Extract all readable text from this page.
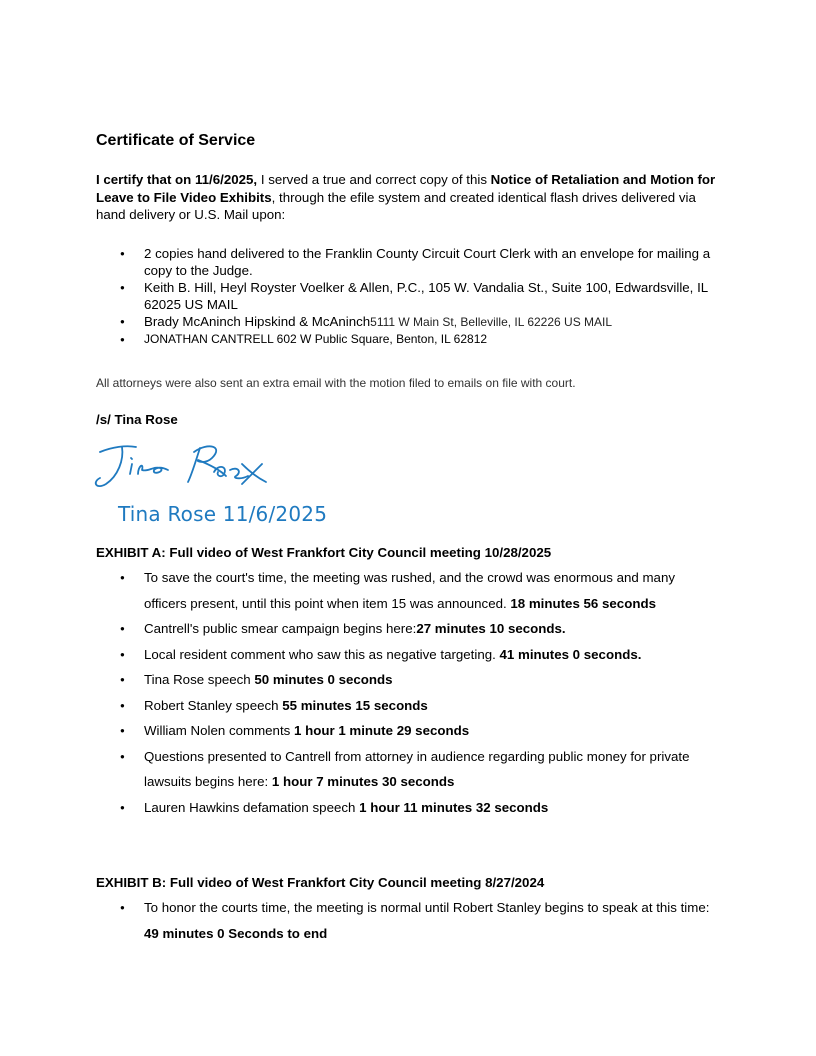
Certificate of Service

I certify that on 11/6/2025, I served a true and correct copy of this Notice of Retaliation and Motion for Leave to File Video Exhibits, through the efile system and created identical flash drives delivered via hand delivery or U.S. Mail upon:

● 2 copies hand delivered to the Franklin County Circuit Court Clerk with an envelope for mailing a copy to the Judge.
● Keith B. Hill, Heyl Royster Voelker & Allen, P.C., 105 W. Vandalia St., Suite 100, Edwardsville, IL 62025 US MAIL
● Brady McAninch Hipskind & McAninch5111 W Main St, Belleville, IL 62226 US MAIL
● JONATHAN CANTRELL 602 W Public Square, Benton, IL 62812

All attorneys were also sent an extra email with the motion filed to emails on file with court.

/s/ Tina Rose

Tina Rose 11/6/2025

EXHIBIT A: Full video of West Frankfort City Council meeting 10/28/2025

● To save the court's time, the meeting was rushed, and the crowd was enormous and many officers present, until this point when item 15 was announced. 18 minutes 56 seconds
● Cantrell's public smear campaign begins here:27 minutes 10 seconds.
● Local resident comment who saw this as negative targeting. 41 minutes 0 seconds.
● Tina Rose speech 50 minutes 0 seconds
● Robert Stanley speech 55 minutes 15 seconds
● William Nolen comments 1 hour 1 minute 29 seconds
● Questions presented to Cantrell from attorney in audience regarding public money for private lawsuits begins here: 1 hour 7 minutes 30 seconds
● Lauren Hawkins defamation speech 1 hour 11 minutes 32 seconds

EXHIBIT B: Full video of West Frankfort City Council meeting 8/27/2024

● To honor the courts time, the meeting is normal until Robert Stanley begins to speak at this time: 49 minutes 0 Seconds to end
